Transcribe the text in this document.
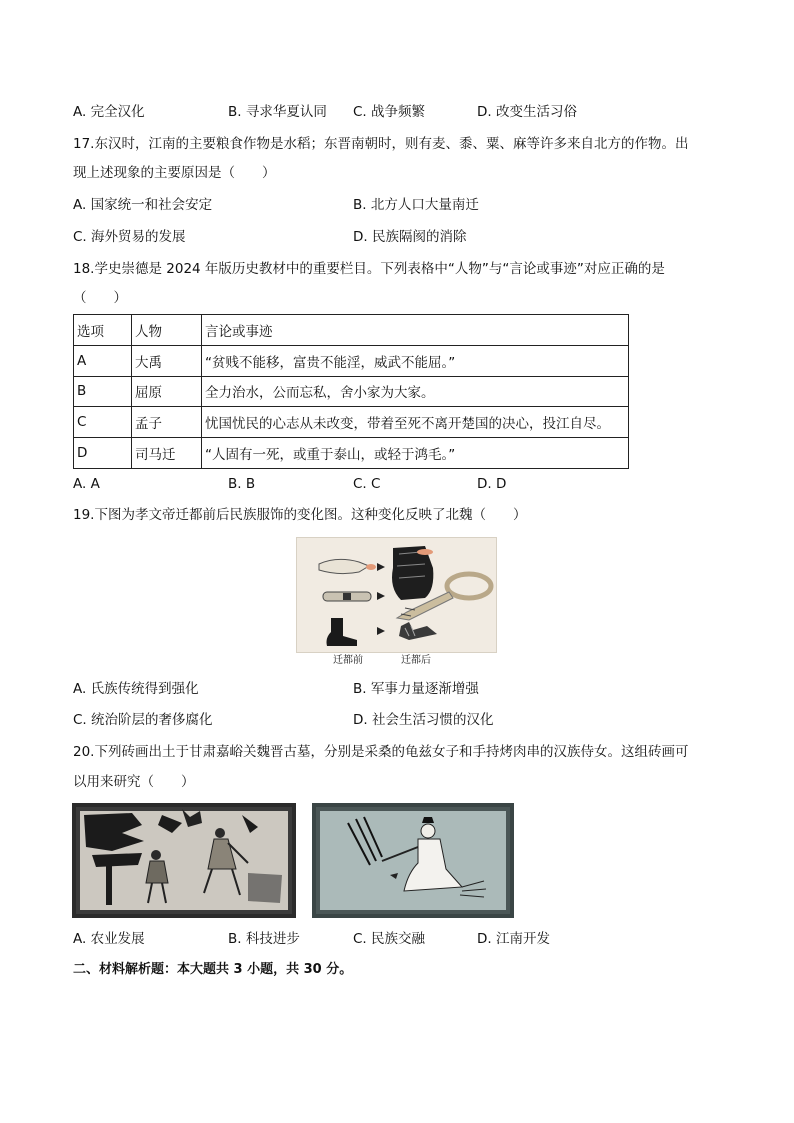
A. 完全汉化	B. 寻求华夏认同 C. 战争频繁	D. 改变生活习俗
17.东汉时，江南的主要粮食作物是水稻；东晋南朝时，则有麦、黍、粟、麻等许多来自北方的作物。出
现上述现象的主要原因是（　　）
A. 国家统一和社会安定	B. 北方人口大量南迁
C. 海外贸易的发展	D. 民族隔阂的消除
18.学史崇德是 2024 年版历史教材中的重要栏目。下列表格中“人物”与“言论或事迹”对应正确的是
（　　）
选项	人物	言论或事迹
A	大禹	“贫贱不能移，富贵不能淫，威武不能屈。”
B	屈原	全力治水，公而忘私，舍小家为大家。
C	孟子	忧国忧民的心志从未改变，带着至死不离开楚国的决心，投江自尽。
D	司马迁	“人固有一死，或重于泰山，或轻于鸿毛。”
A. A	B. B	C. C	D. D
19.下图为孝文帝迁都前后民族服饰的变化图。这种变化反映了北魏（　　）
迁都前	迁都后
A. 氏族传统得到强化	B. 军事力量逐渐增强
C. 统治阶层的奢侈腐化	D. 社会生活习惯的汉化
20.下列砖画出土于甘肃嘉峪关魏晋古墓，分别是采桑的龟兹女子和手持烤肉串的汉族侍女。这组砖画可
以用来研究（　　）
A. 农业发展	B. 科技进步	C. 民族交融	D. 江南开发
二、材料解析题：本大题共 3 小题，共 30 分。
